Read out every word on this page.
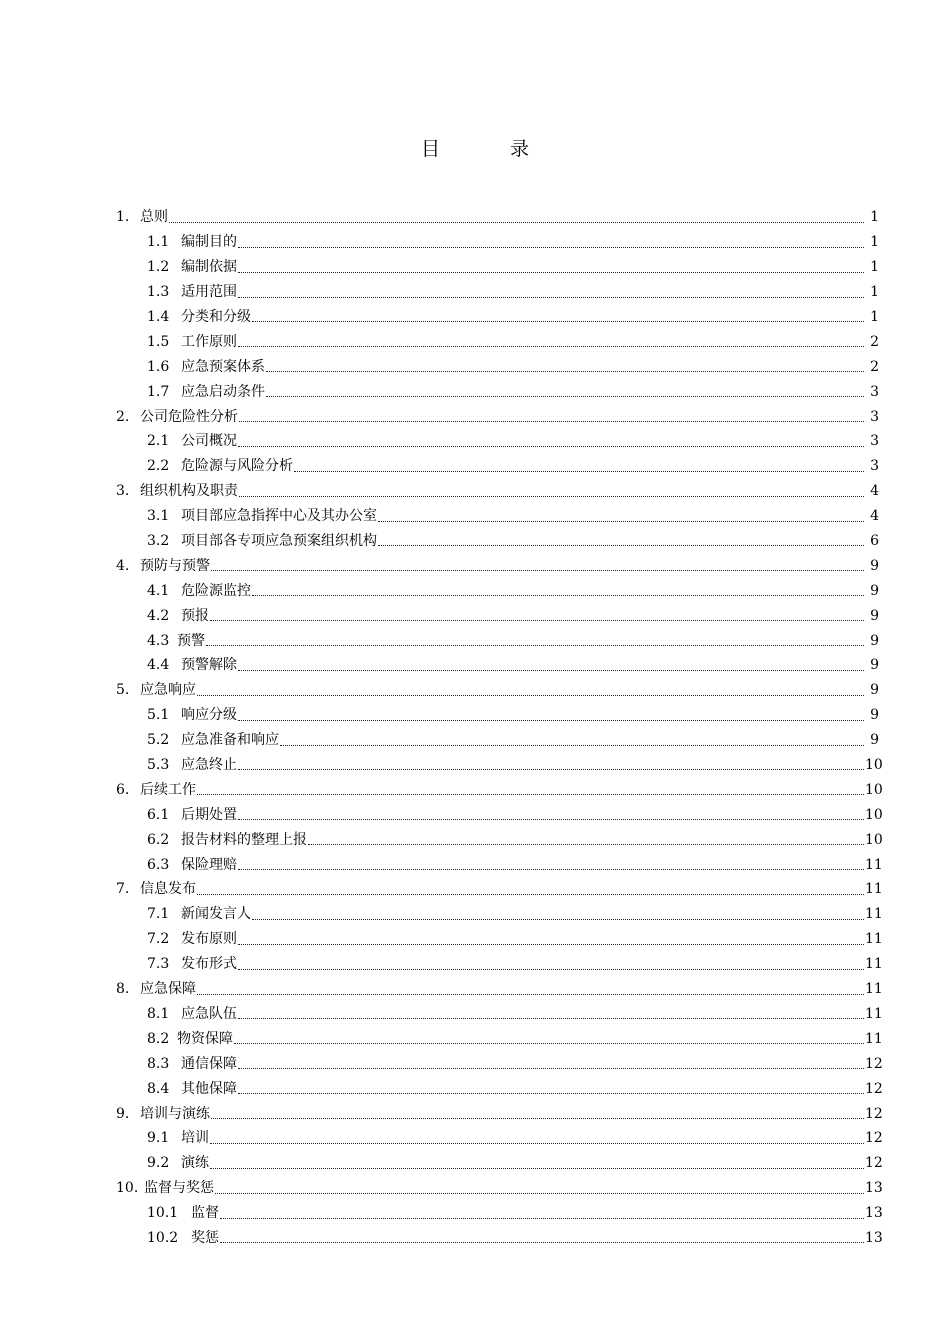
目	录
1. 总则	1
1.1 编制目的	1
1.2 编制依据	1
1.3 适用范围	1
1.4 分类和分级	1
1.5 工作原则	2
1.6 应急预案体系	2
1.7 应急启动条件	3
2. 公司危险性分析	3
2.1 公司概况	3
2.2 危险源与风险分析	3
3. 组织机构及职责	4
3.1 项目部应急指挥中心及其办公室	4
3.2 项目部各专项应急预案组织机构	6
4. 预防与预警	9
4.1 危险源监控	9
4.2 预报	9
4.3 预警	9
4.4 预警解除	9
5. 应急响应	9
5.1 响应分级	9
5.2 应急准备和响应	9
5.3 应急终止	10
6. 后续工作	10
6.1 后期处置	10
6.2 报告材料的整理上报	10
6.3 保险理赔	11
7. 信息发布	11
7.1 新闻发言人	11
7.2 发布原则	11
7.3 发布形式	11
8. 应急保障	11
8.1 应急队伍	11
8.2 物资保障	11
8.3 通信保障	12
8.4 其他保障	12
9. 培训与演练	12
9.1 培训	12
9.2 演练	12
10. 监督与奖惩	13
10.1 监督	13
10.2 奖惩	13
